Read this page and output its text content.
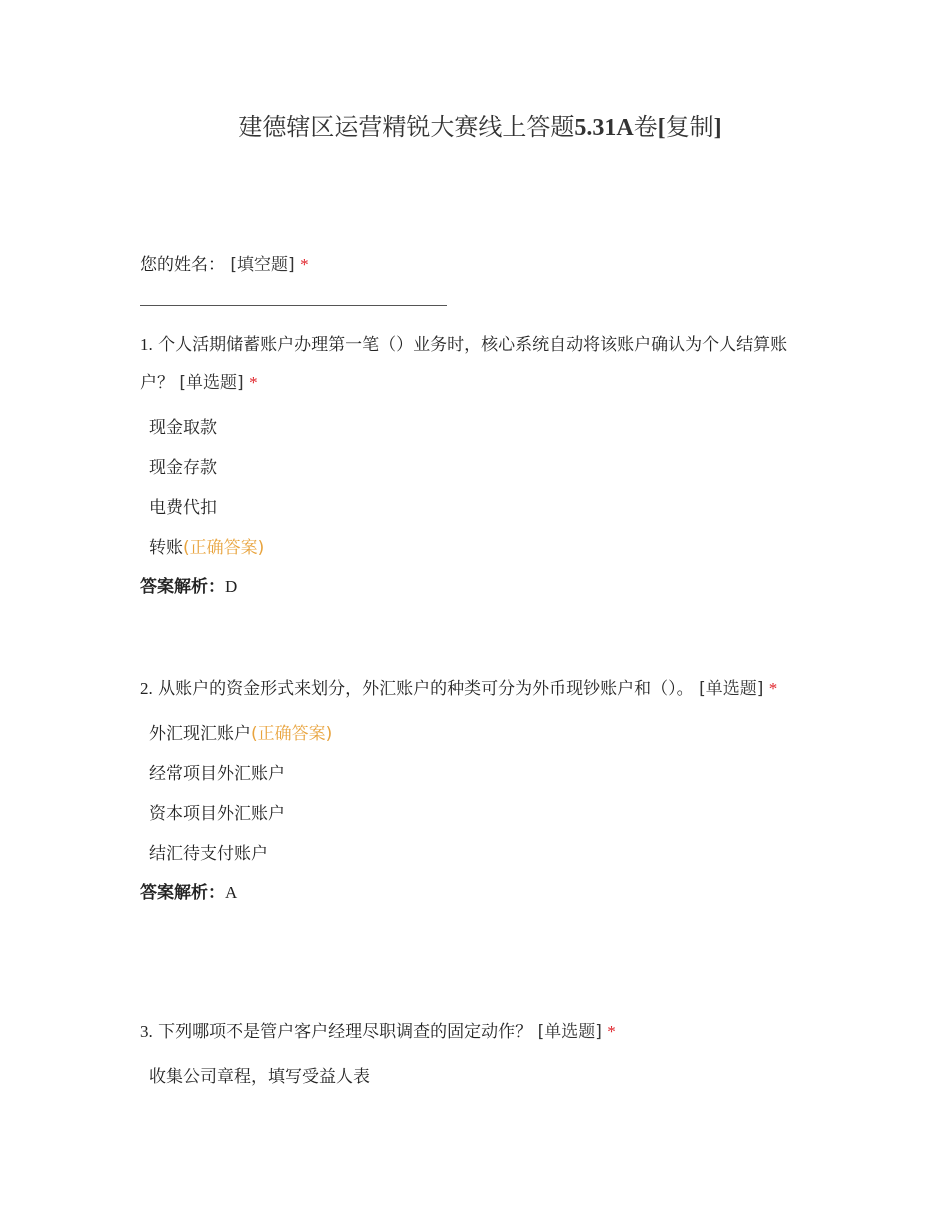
建德辖区运营精锐大赛线上答题5.31A卷[复制]
您的姓名： [填空题] *
1. 个人活期储蓄账户办理第一笔（）业务时，核心系统自动将该账户确认为个人结算账户？ [单选题] *
现金取款
现金存款
电费代扣
转账(正确答案)
答案解析：D
2. 从账户的资金形式来划分，外汇账户的种类可分为外币现钞账户和（）。 [单选题] *
外汇现汇账户(正确答案)
经常项目外汇账户
资本项目外汇账户
结汇待支付账户
答案解析：A
3. 下列哪项不是管户客户经理尽职调查的固定动作？ [单选题] *
收集公司章程，填写受益人表
